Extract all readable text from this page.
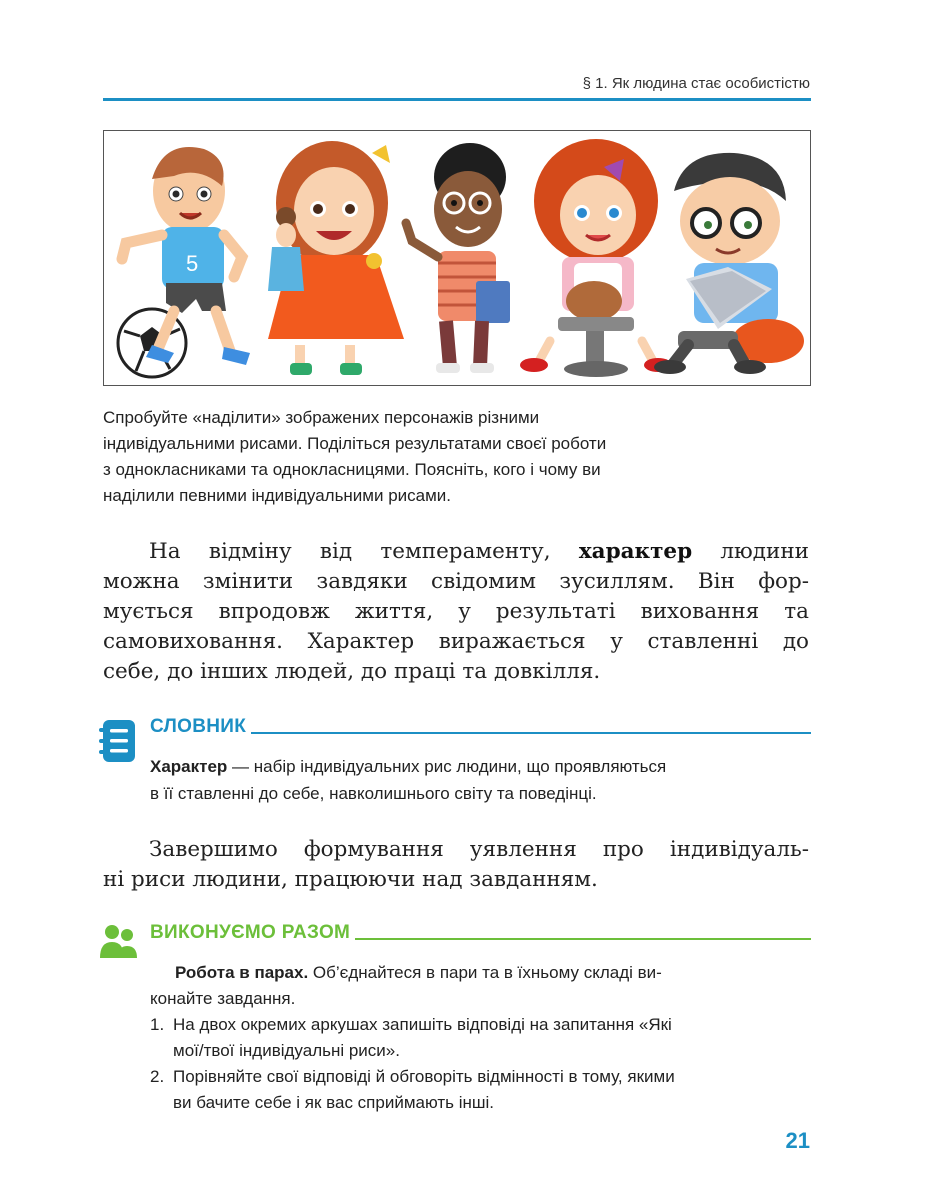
§ 1. Як людина стає особистістю
5

Спробуйте «наділити» зображених персонажів різними

індивідуальними рисами. Поділіться результатами своєї роботи

з однокласниками та однокласницями. Поясніть, кого і чому ви

наділили певними індивідуальними рисами.

На відміну від темпераменту, характер людини
можна змінити завдяки свідомим зусиллям. Він фор-
мується впродовж життя, у результаті виховання та
самовиховання. Характер виражається у ставленні до
себе, до інших людей, до праці та довкілля.
СЛОВНИК

Характер — набір індивідуальних рис людини, що проявляються

в її ставленні до себе, навколишнього світу та поведінці.

Завершимо формування уявлення про індивідуаль-
ні риси людини, працюючи над завданням.
ВИКОНУЄМО РАЗОМ

Робота в парах. Об’єднайтеся в пари та в їхньому складі ви-

конайте завдання.

1. На двох окремих аркушах запишіть відповіді на запитання «Які
мої/твої індивідуальні риси».
2. Порівняйте свої відповіді й обговоріть відмінності в тому, якими
ви бачите себе і як вас сприймають інші.
21
